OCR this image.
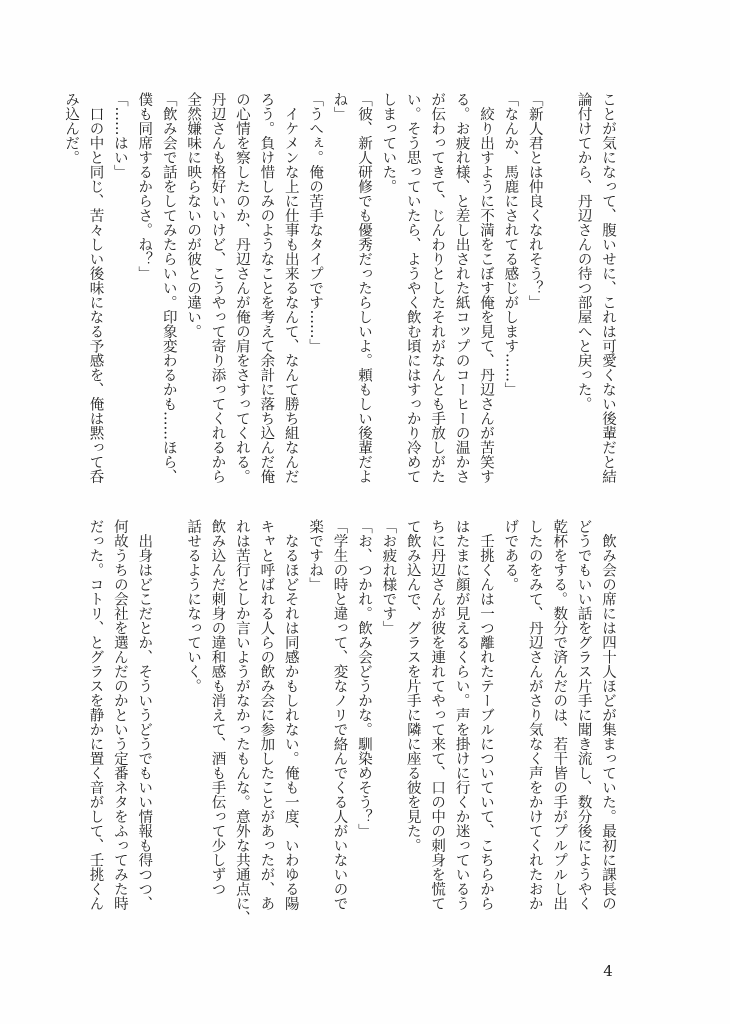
ことが気になって、腹いせに、これは可愛くない後輩だと結
論付けてから、丹辺さんの待つ部屋へと戻った。

「新人君とは仲良くなれそう？」
「なんか、馬鹿にされてる感じがします……」
　絞り出すように不満をこぼす俺を見て、丹辺さんが苦笑す
る。お疲れ様、と差し出された紙コップのコーヒーの温かさ
が伝わってきて、じんわりとしたそれがなんとも手放しがた
い。そう思っていたら、ようやく飲む頃にはすっかり冷めて
しまっていた。
「彼、新人研修でも優秀だったらしいよ。頼もしい後輩だよ
ね」
「うへぇ。俺の苦手なタイプです……」
　イケメンな上に仕事も出来るなんて、なんて勝ち組なんだ
ろう。負け惜しみのようなことを考えて余計に落ち込んだ俺
の心情を察したのか、丹辺さんが俺の肩をさすってくれる。
丹辺さんも格好いいけど、こうやって寄り添ってくれるから
全然嫌味に映らないのが彼との違い。
「飲み会で話をしてみたらいい。印象変わるかも……ほら、
僕も同席するからさ。ね？」
「……はい」
　口の中と同じ、苦々しい後味になる予感を、俺は黙って呑
み込んだ。
　飲み会の席には四十人ほどが集まっていた。最初に課長の
どうでもいい話をグラス片手に聞き流し、数分後にようやく
乾杯をする。数分で済んだのは、若干皆の手がプルプルし出
したのをみて、丹辺さんがさり気なく声をかけてくれたおか
げである。
　壬挑くんは一つ離れたテーブルについていて、こちらから
はたまに顔が見えるくらい。声を掛けに行くか迷っているう
ちに丹辺さんが彼を連れてやって来て、口の中の刺身を慌て
て飲み込んで、グラスを片手に隣に座る彼を見た。
「お疲れ様です」
「お、つかれ。飲み会どうかな。馴染めそう？」
「学生の時と違って、変なノリで絡んでくる人がいないので
楽ですね」
　なるほどそれは同感かもしれない。俺も一度、いわゆる陽
キャと呼ばれる人らの飲み会に参加したことがあったが、あ
れは苦行としか言いようがなかったもんな。意外な共通点に、
飲み込んだ刺身の違和感も消えて、酒も手伝って少しずつ
話せるようになっていく。

　出身はどこだとか、そういうどうでもいい情報も得つつ、
何故うちの会社を選んだのかという定番ネタをふってみた時
だった。コトリ、とグラスを静かに置く音がして、壬挑くん
4
